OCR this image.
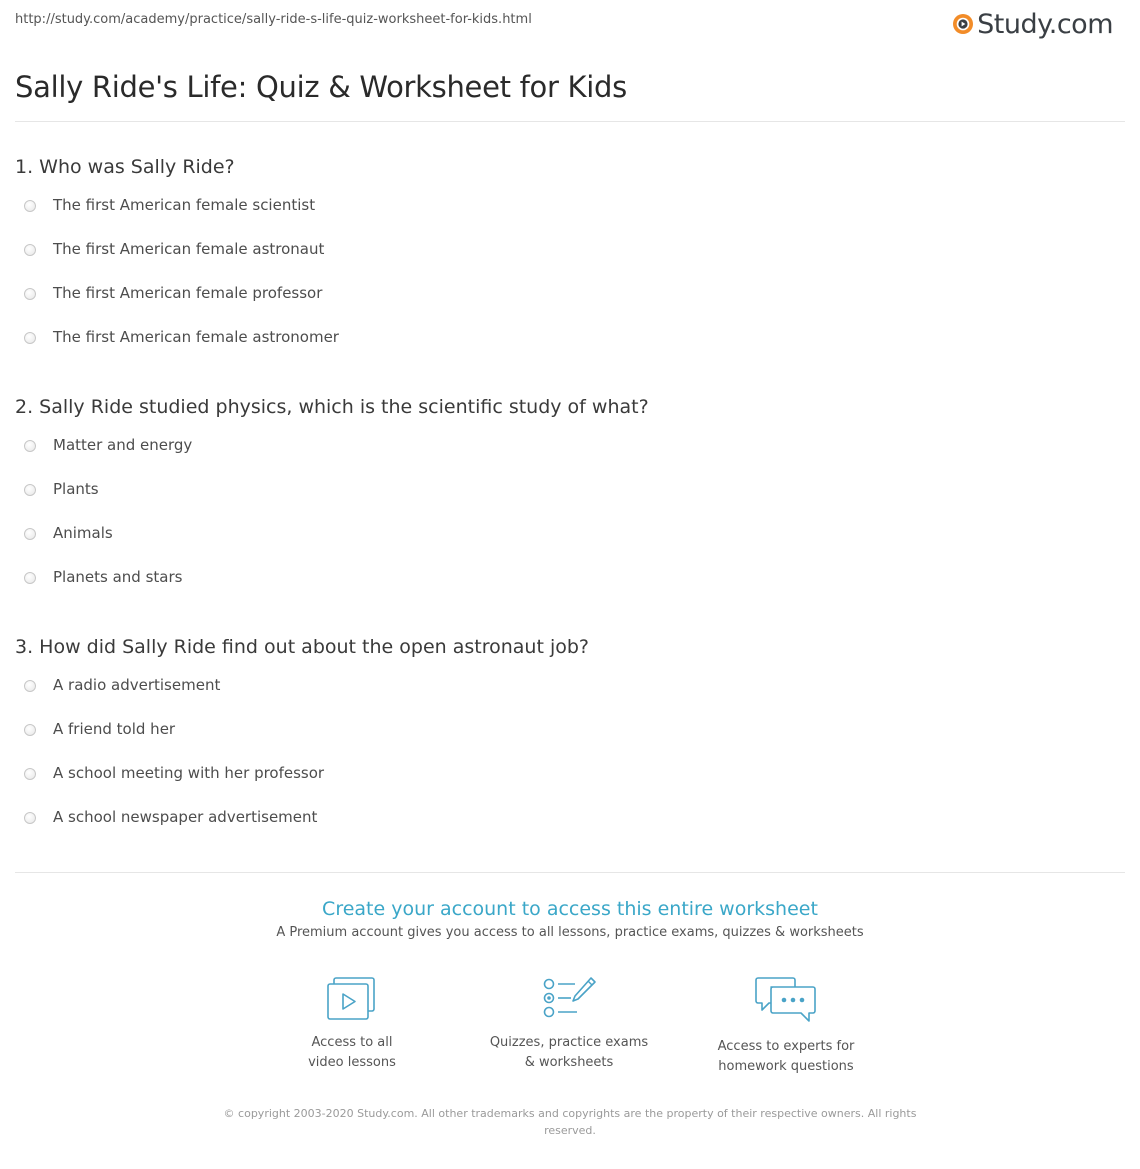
http://study.com/academy/practice/sally-ride-s-life-quiz-worksheet-for-kids.html	Study.com
Sally Ride's Life: Quiz & Worksheet for Kids
1. Who was Sally Ride?
The first American female scientist
The first American female astronaut
The first American female professor
The first American female astronomer
2. Sally Ride studied physics, which is the scientific study of what?
Matter and energy
Plants
Animals
Planets and stars
3. How did Sally Ride find out about the open astronaut job?
A radio advertisement
A friend told her
A school meeting with her professor
A school newspaper advertisement
Create your account to access this entire worksheet
A Premium account gives you access to all lessons, practice exams, quizzes & worksheets
Access to all
video lessons
Quizzes, practice exams
& worksheets
Access to experts for
homework questions
© copyright 2003-2020 Study.com. All other trademarks and copyrights are the property of their respective owners. All rights reserved.
